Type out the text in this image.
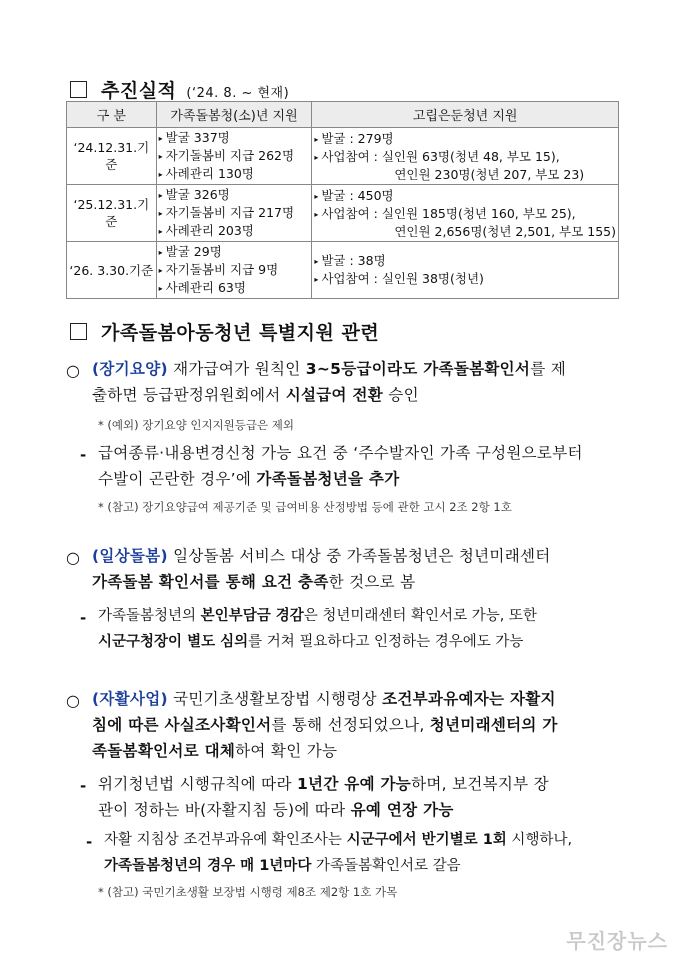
추진실적 (‘24. 8. ~ 현재)
구 분	가족돌봄청(소)년 지원	고립은둔청년 지원
‘24.12.31.기준	▸ 발굴 337명
▸ 자기돌봄비 지급 262명
▸ 사례관리 130명	▸ 발굴 : 279명
▸ 사업참여 : 실인원 63명(청년 48, 부모 15),
연인원 230명(청년 207, 부모 23)

‘25.12.31.기준	▸ 발굴 326명
▸ 자기돌봄비 지급 217명
▸ 사례관리 203명	▸ 발굴 : 450명
▸ 사업참여 : 실인원 185명(청년 160, 부모 25),
연인원 2,656명(청년 2,501, 부모 155)

‘26. 3.30.기준	▸ 발굴 29명
▸ 자기돌봄비 지급 9명
▸ 사례관리 63명	▸ 발굴 : 38명
▸ 사업참여 : 실인원 38명(청년)
가족돌봄아동청년 특별지원 관련
○ (장기요양) 재가급여가 원칙인 3~5등급이라도 가족돌봄확인서를 제
출하면 등급판정위원회에서 시설급여 전환 승인
* (예외) 장기요양 인지지원등급은 제외
- 급여종류·내용변경신청 가능 요건 중 ‘주수발자인 가족 구성원으로부터
수발이 곤란한 경우’에 가족돌봄청년을 추가
* (참고) 장기요양급여 제공기준 및 급여비용 산정방법 등에 관한 고시 2조 2항 1호
○ (일상돌봄) 일상돌봄 서비스 대상 중 가족돌봄청년은 청년미래센터
가족돌봄 확인서를 통해 요건 충족한 것으로 봄
- 가족돌봄청년의 본인부담금 경감은 청년미래센터 확인서로 가능, 또한
시군구청장이 별도 심의를 거쳐 필요하다고 인정하는 경우에도 가능
○ (자활사업) 국민기초생활보장법 시행령상 조건부과유예자는 자활지
침에 따른 사실조사확인서를 통해 선정되었으나, 청년미래센터의 가
족돌봄확인서로 대체하여 확인 가능
- 위기청년법 시행규칙에 따라 1년간 유예 가능하며, 보건복지부 장
관이 정하는 바(자활지침 등)에 따라 유예 연장 가능
- 자활 지침상 조건부과유예 확인조사는 시군구에서 반기별로 1회 시행하나,
가족돌봄청년의 경우 매 1년마다 가족돌봄확인서로 갈음
* (참고) 국민기초생활 보장법 시행령 제8조 제2항 1호 가목
무진장뉴스
